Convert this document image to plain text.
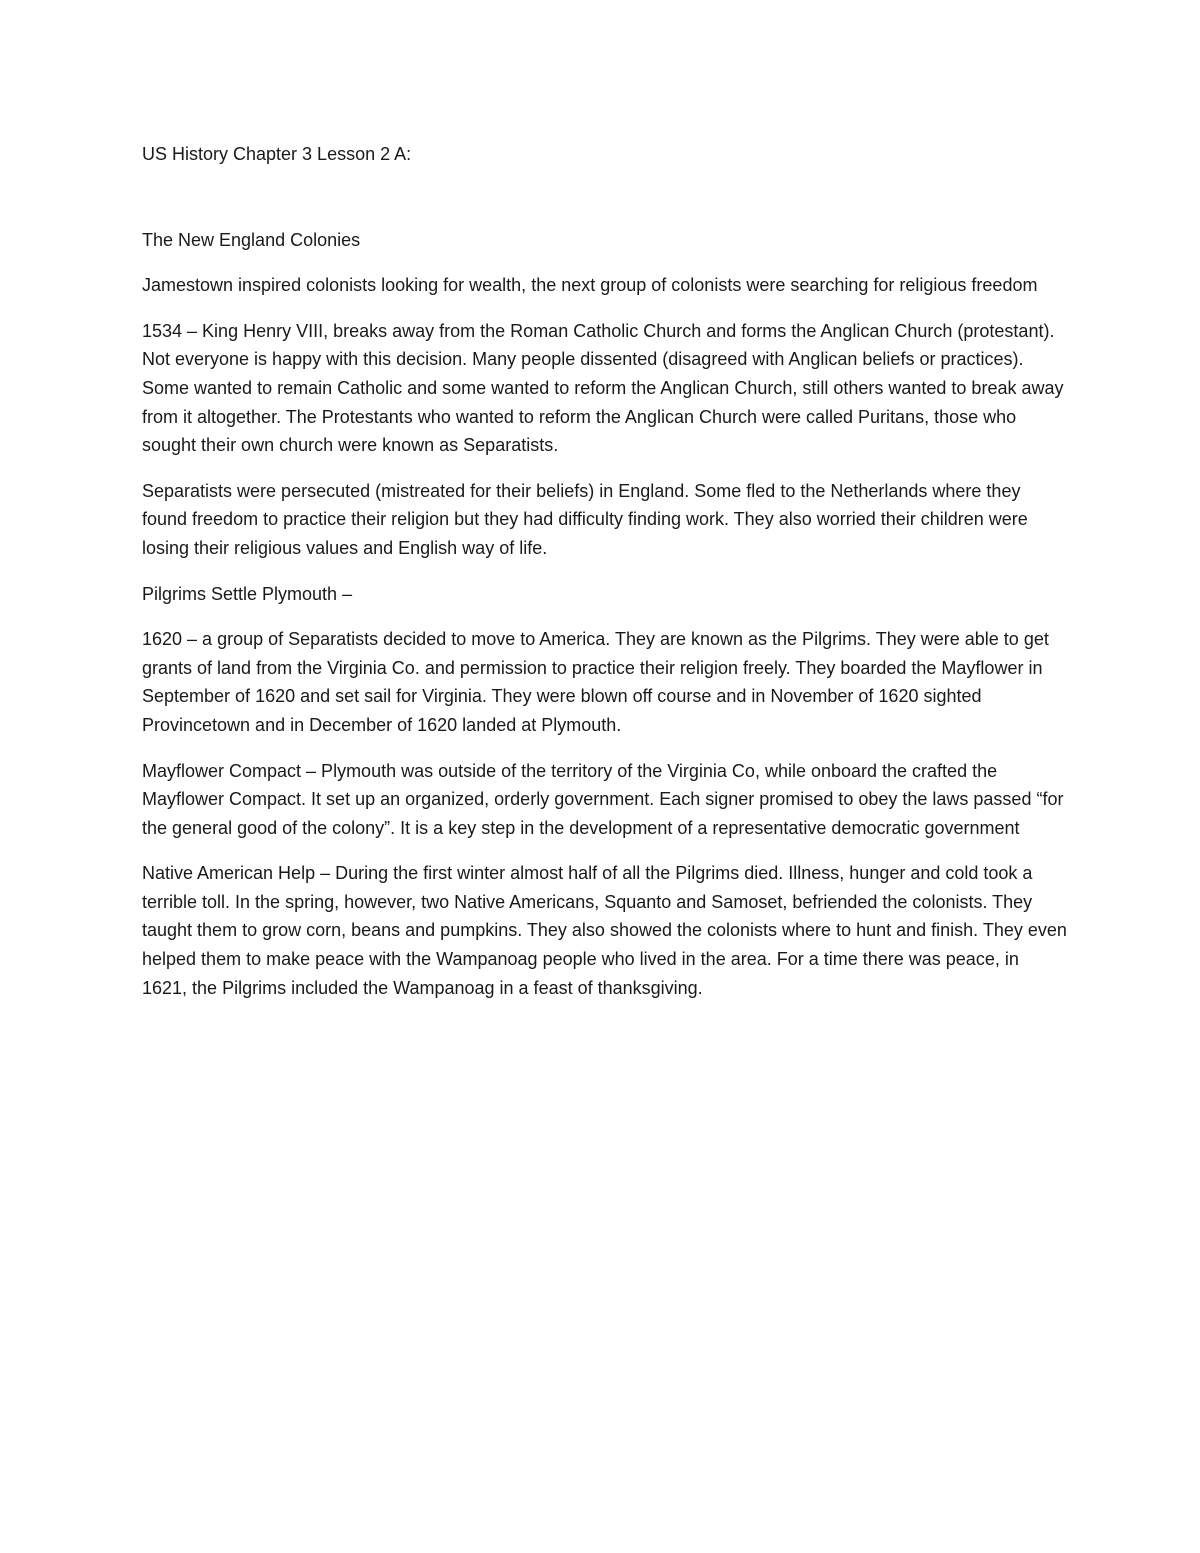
US History Chapter 3 Lesson 2 A:

The New England Colonies

Jamestown inspired colonists looking for wealth, the next group of colonists were searching for religious freedom

1534 – King Henry VIII, breaks away from the Roman Catholic Church and forms the Anglican Church (protestant). Not everyone is happy with this decision. Many people dissented (disagreed with Anglican beliefs or practices). Some wanted to remain Catholic and some wanted to reform the Anglican Church, still others wanted to break away from it altogether. The Protestants who wanted to reform the Anglican Church were called Puritans, those who sought their own church were known as Separatists.

Separatists were persecuted (mistreated for their beliefs) in England. Some fled to the Netherlands where they found freedom to practice their religion but they had difficulty finding work. They also worried their children were losing their religious values and English way of life.

Pilgrims Settle Plymouth –

1620 – a group of Separatists decided to move to America. They are known as the Pilgrims. They were able to get grants of land from the Virginia Co. and permission to practice their religion freely. They boarded the Mayflower in September of 1620 and set sail for Virginia. They were blown off course and in November of 1620 sighted Provincetown and in December of 1620 landed at Plymouth.

Mayflower Compact – Plymouth was outside of the territory of the Virginia Co, while onboard the crafted the Mayflower Compact. It set up an organized, orderly government. Each signer promised to obey the laws passed “for the general good of the colony”. It is a key step in the development of a representative democratic government

Native American Help – During the first winter almost half of all the Pilgrims died. Illness, hunger and cold took a terrible toll. In the spring, however, two Native Americans, Squanto and Samoset, befriended the colonists. They taught them to grow corn, beans and pumpkins. They also showed the colonists where to hunt and finish. They even helped them to make peace with the Wampanoag people who lived in the area. For a time there was peace, in 1621, the Pilgrims included the Wampanoag in a feast of thanksgiving.
